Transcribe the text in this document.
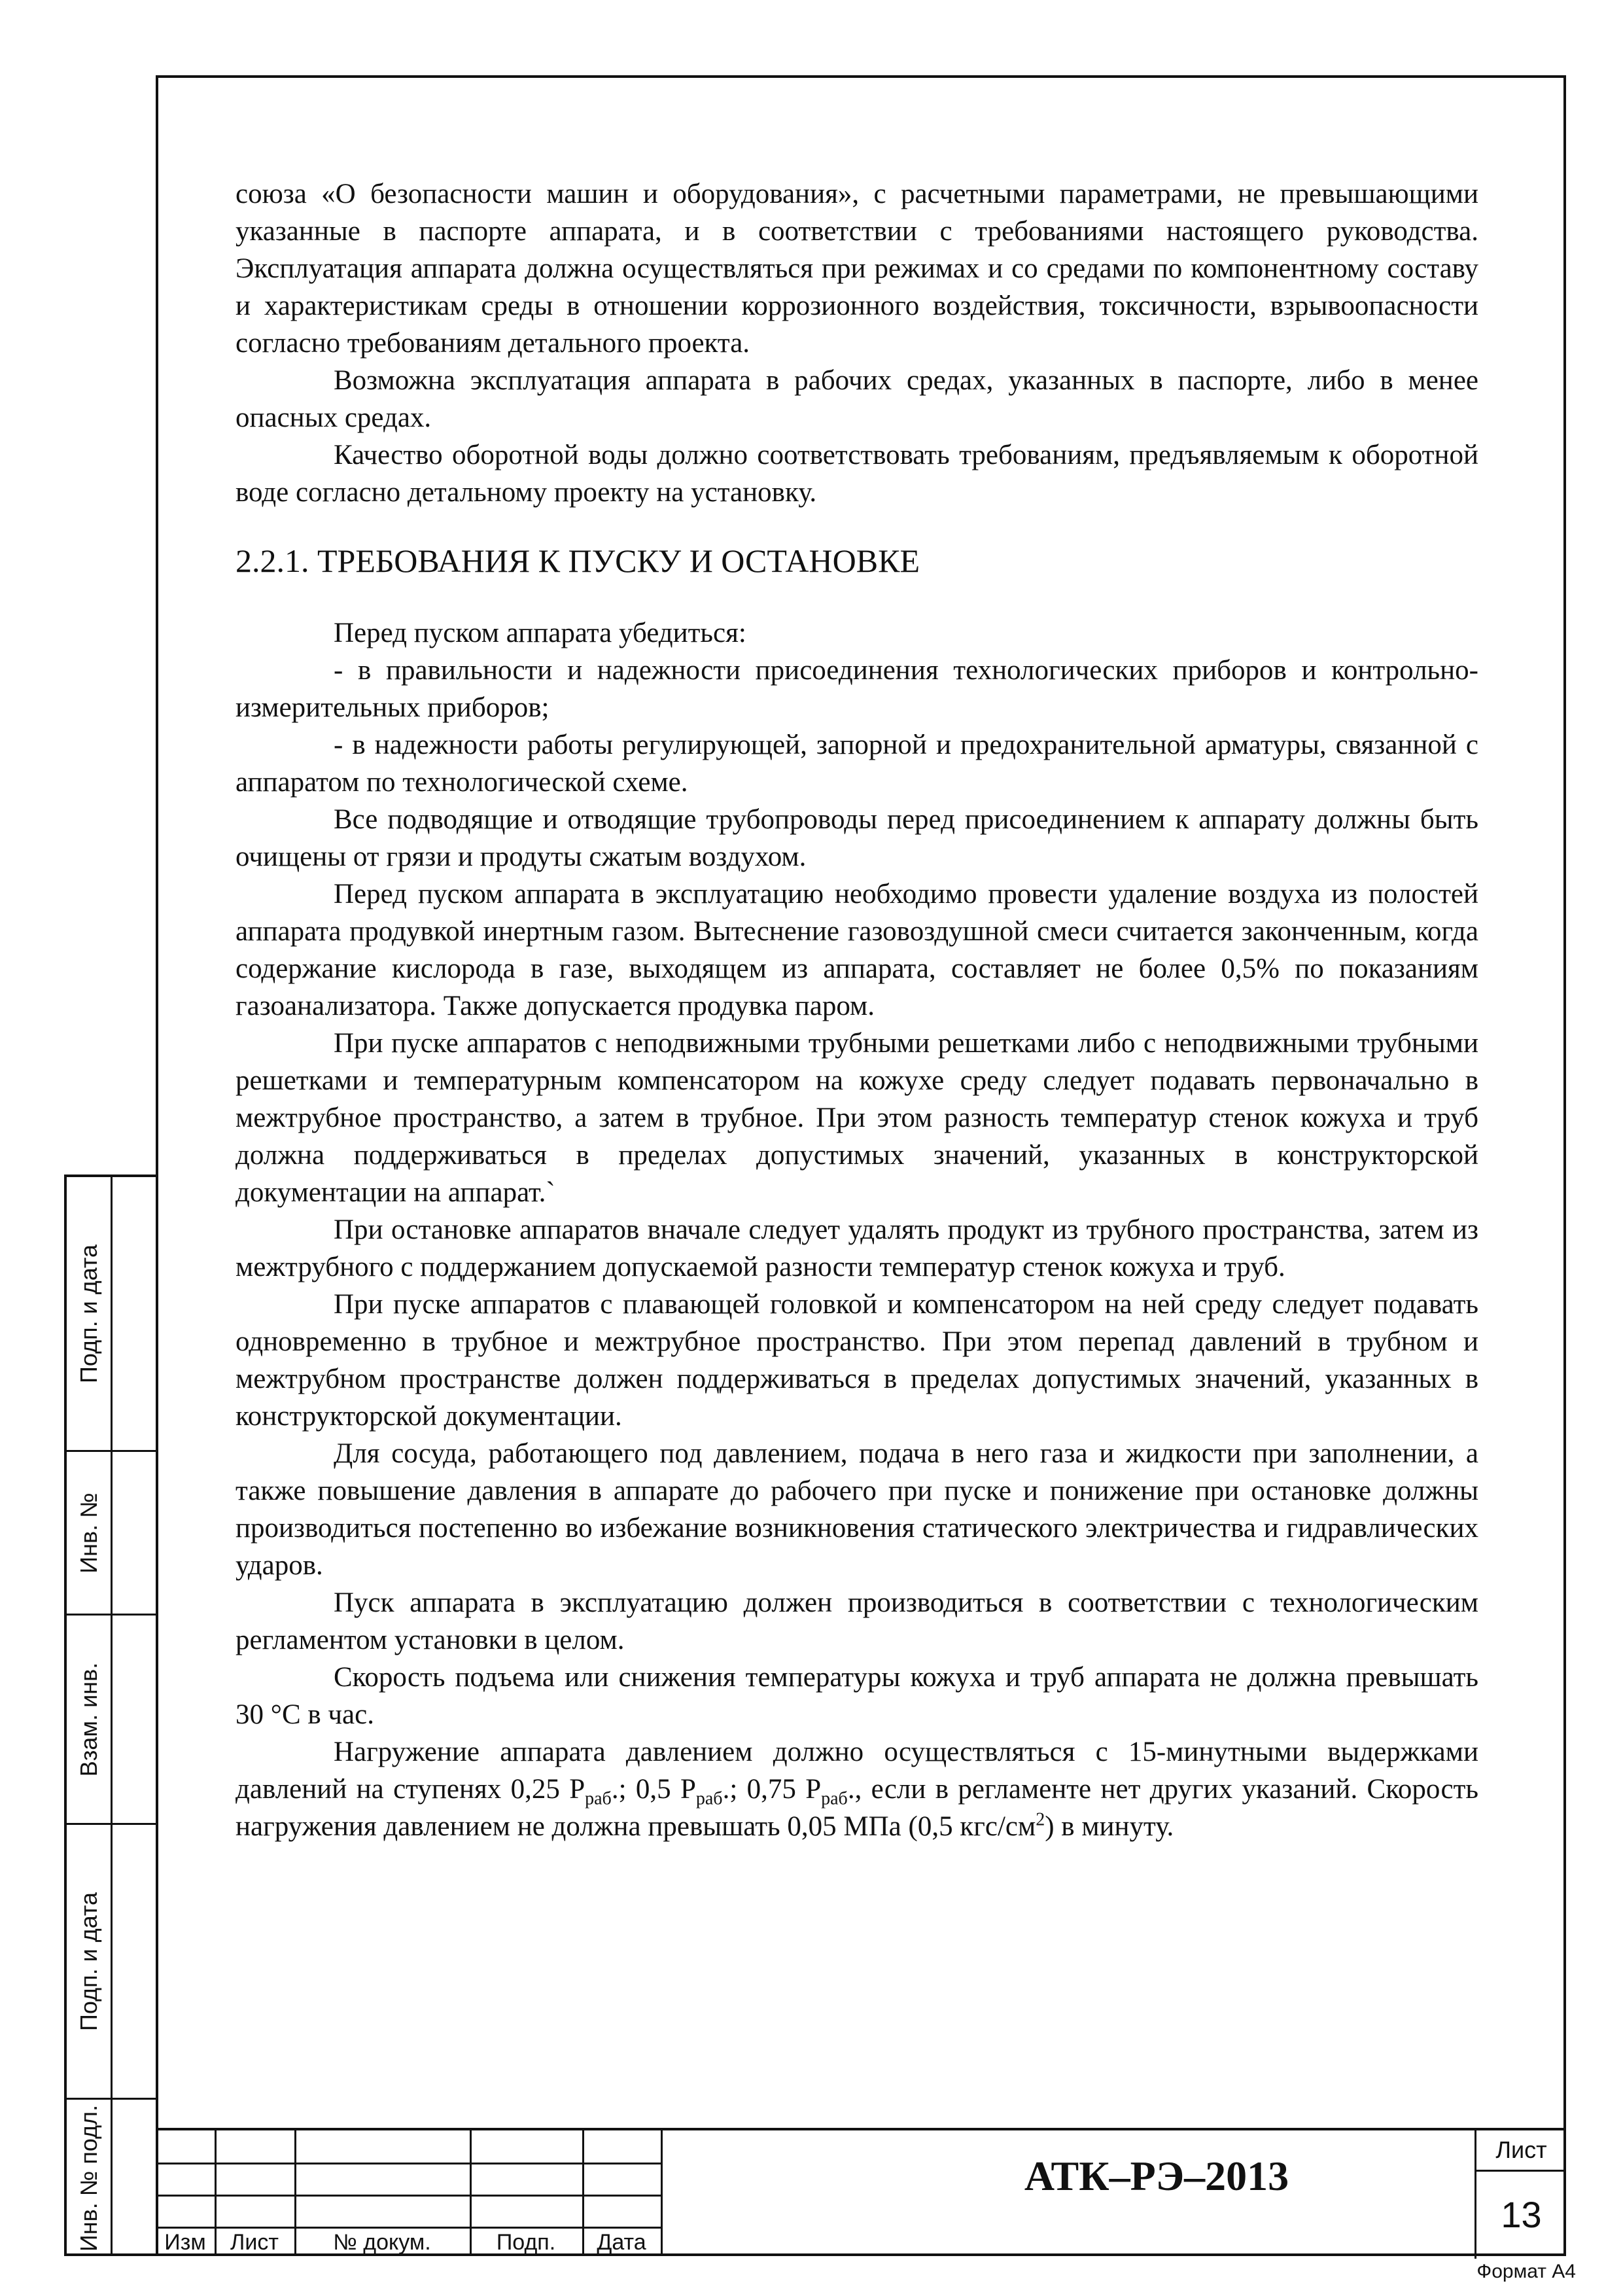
Подп. и дата
Инв. №
Взам. инв.
Подп. и дата
Инв. № подл.

союза «О безопасности машин и оборудования», с расчетными параметрами, не превышающими указанные в паспорте аппарата, и в соответствии с требованиями настоящего руководства. Эксплуатация аппарата должна осуществляться при режимах и со средами по компонентному составу и характеристикам среды в отношении коррозионного воздействия, токсичности, взрывоопасности согласно требованиям детального проекта.

Возможна эксплуатация аппарата в рабочих средах, указанных в паспорте, либо в менее опасных средах.

Качество оборотной воды должно соответствовать требованиям, предъявляемым к оборотной воде согласно детальному проекту на установку.

2.2.1. ТРЕБОВАНИЯ К ПУСКУ И ОСТАНОВКЕ

Перед пуском аппарата убедиться:

- в правильности и надежности присоединения технологических приборов и контрольно-измерительных приборов;

- в надежности работы регулирующей, запорной и предохранительной арматуры, связанной с аппаратом по технологической схеме.

Все подводящие и отводящие трубопроводы перед присоединением к аппарату должны быть очищены от грязи и продуты сжатым воздухом.

Перед пуском аппарата в эксплуатацию необходимо провести удаление воздуха из полостей аппарата продувкой инертным газом. Вытеснение газовоздушной смеси считается законченным, когда содержание кислорода в газе, выходящем из аппарата, составляет не более 0,5% по показаниям газоанализатора. Также допускается продувка паром.

При пуске аппаратов с неподвижными трубными решетками либо с неподвижными трубными решетками и температурным компенсатором на кожухе среду следует подавать первоначально в межтрубное пространство, а затем в трубное. При этом разность температур стенок кожуха и труб должна поддерживаться в пределах допустимых значений, указанных в конструкторской документации на аппарат.`

При остановке аппаратов вначале следует удалять продукт из трубного пространства, затем из межтрубного с поддержанием допускаемой разности температур стенок кожуха и труб.

При пуске аппаратов с плавающей головкой и компенсатором на ней среду следует подавать одновременно в трубное и межтрубное пространство. При этом перепад давлений в трубном и межтрубном пространстве должен поддерживаться в пределах допустимых значений, указанных в конструкторской документации.

Для сосуда, работающего под давлением, подача в него газа и жидкости при заполнении, а также повышение давления в аппарате до рабочего при пуске и понижение при остановке должны производиться постепенно во избежание возникновения статического электричества и гидравлических ударов.

Пуск аппарата в эксплуатацию должен производиться в соответствии с технологическим регламентом установки в целом.

Скорость подъема или снижения температуры кожуха и труб аппарата не должна превышать 30 °С в час.

Нагружение аппарата давлением должно осуществляться с 15-минутными выдержками давлений на ступенях 0,25 $Р_{раб}$.; 0,5 $Р_{раб}$.; 0,75 $Р_{раб}$., если в регламенте нет других указаний. Скорость нагружения давлением не должна превышать 0,05 МПа (0,5 кгс/$см^2$) в минуту.

Изм	Лист	№ докум.	Подп.	Дата
АТК–РЭ–2013
Лист
13
Формат А4
